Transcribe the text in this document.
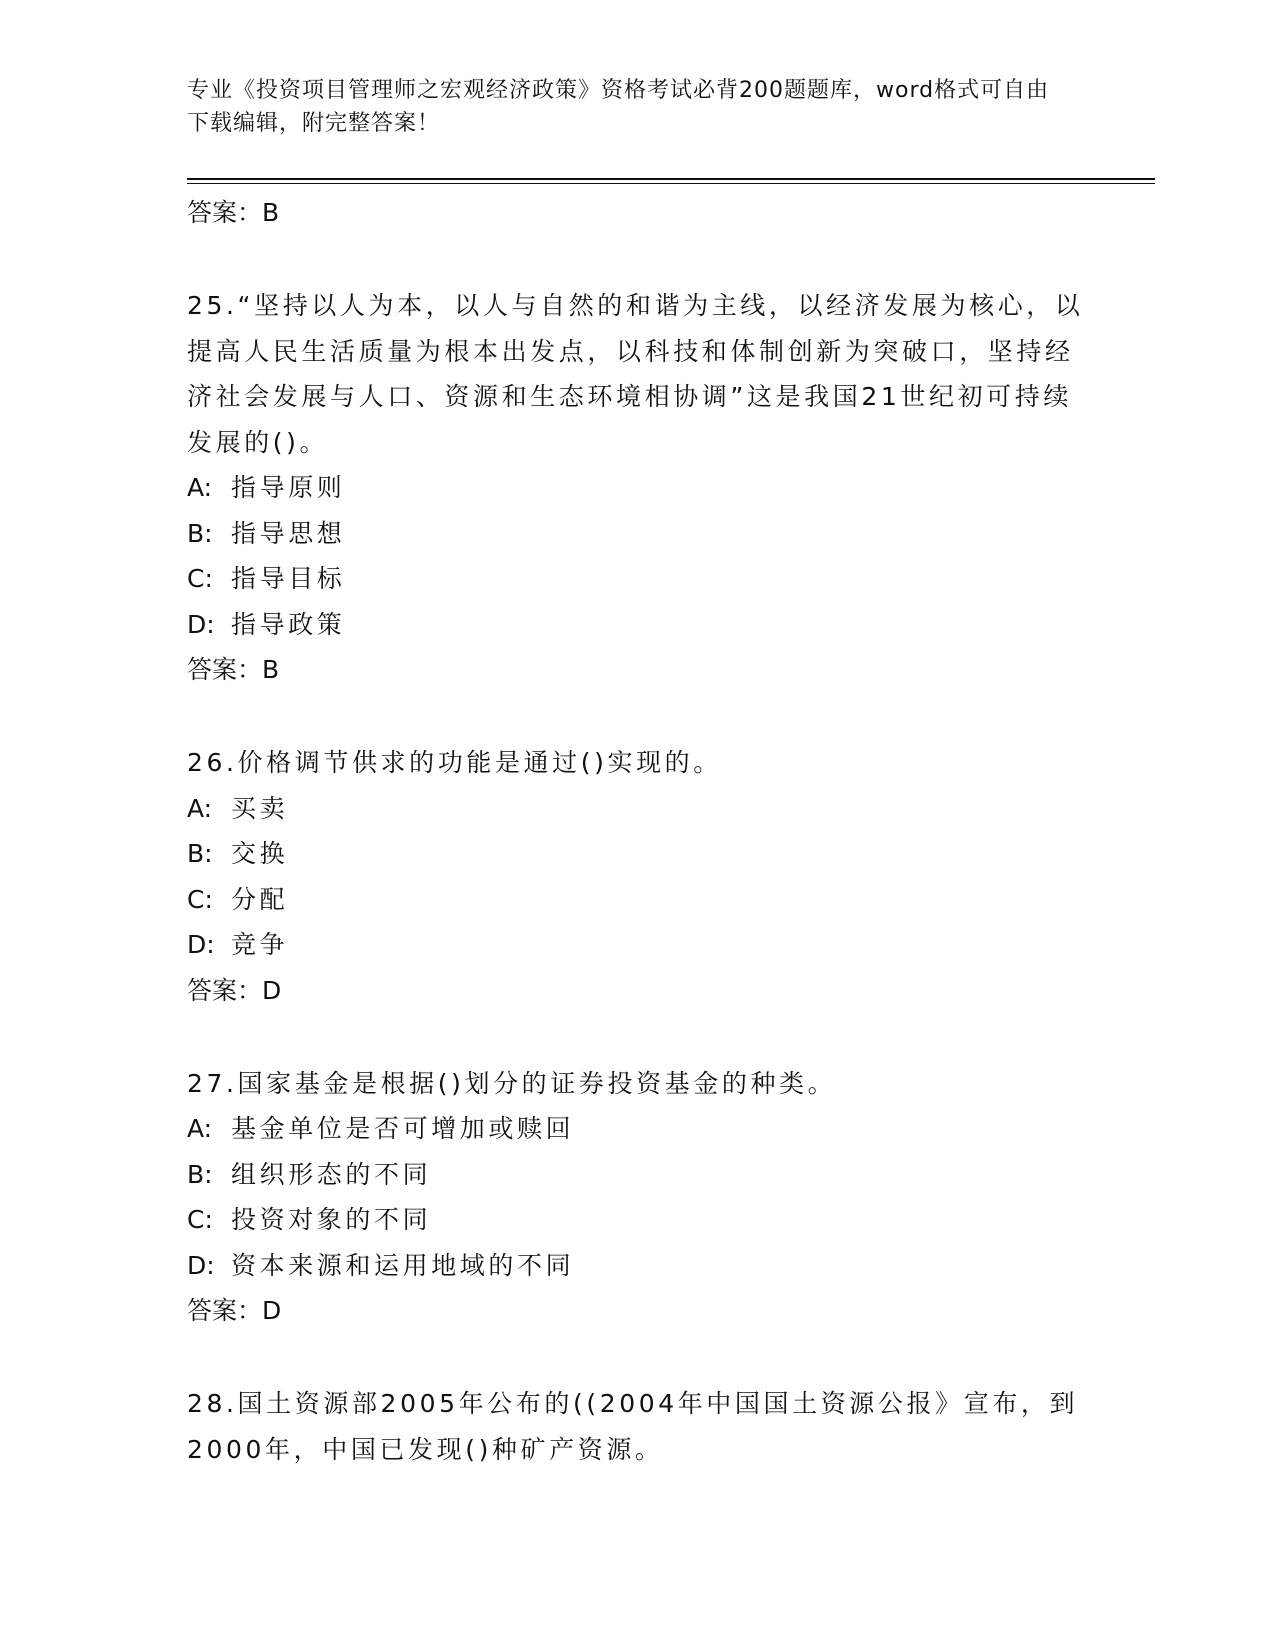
专业《投资项目管理师之宏观经济政策》资格考试必背200题题库，word格式可自由下载编辑，附完整答案！
答案：B
25.“坚持以人为本，以人与自然的和谐为主线，以经济发展为核心，以提高人民生活质量为根本出发点，以科技和体制创新为突破口，坚持经济社会发展与人口、资源和生态环境相协调”这是我国21世纪初可持续发展的()。
A: 指导原则
B: 指导思想
C: 指导目标
D: 指导政策
答案：B
26.价格调节供求的功能是通过()实现的。
A: 买卖
B: 交换
C: 分配
D: 竞争
答案：D
27.国家基金是根据()划分的证券投资基金的种类。
A: 基金单位是否可增加或赎回
B: 组织形态的不同
C: 投资对象的不同
D: 资本来源和运用地域的不同
答案：D
28.国土资源部2005年公布的((2004年中国国土资源公报》宣布，到2000年，中国已发现()种矿产资源。
